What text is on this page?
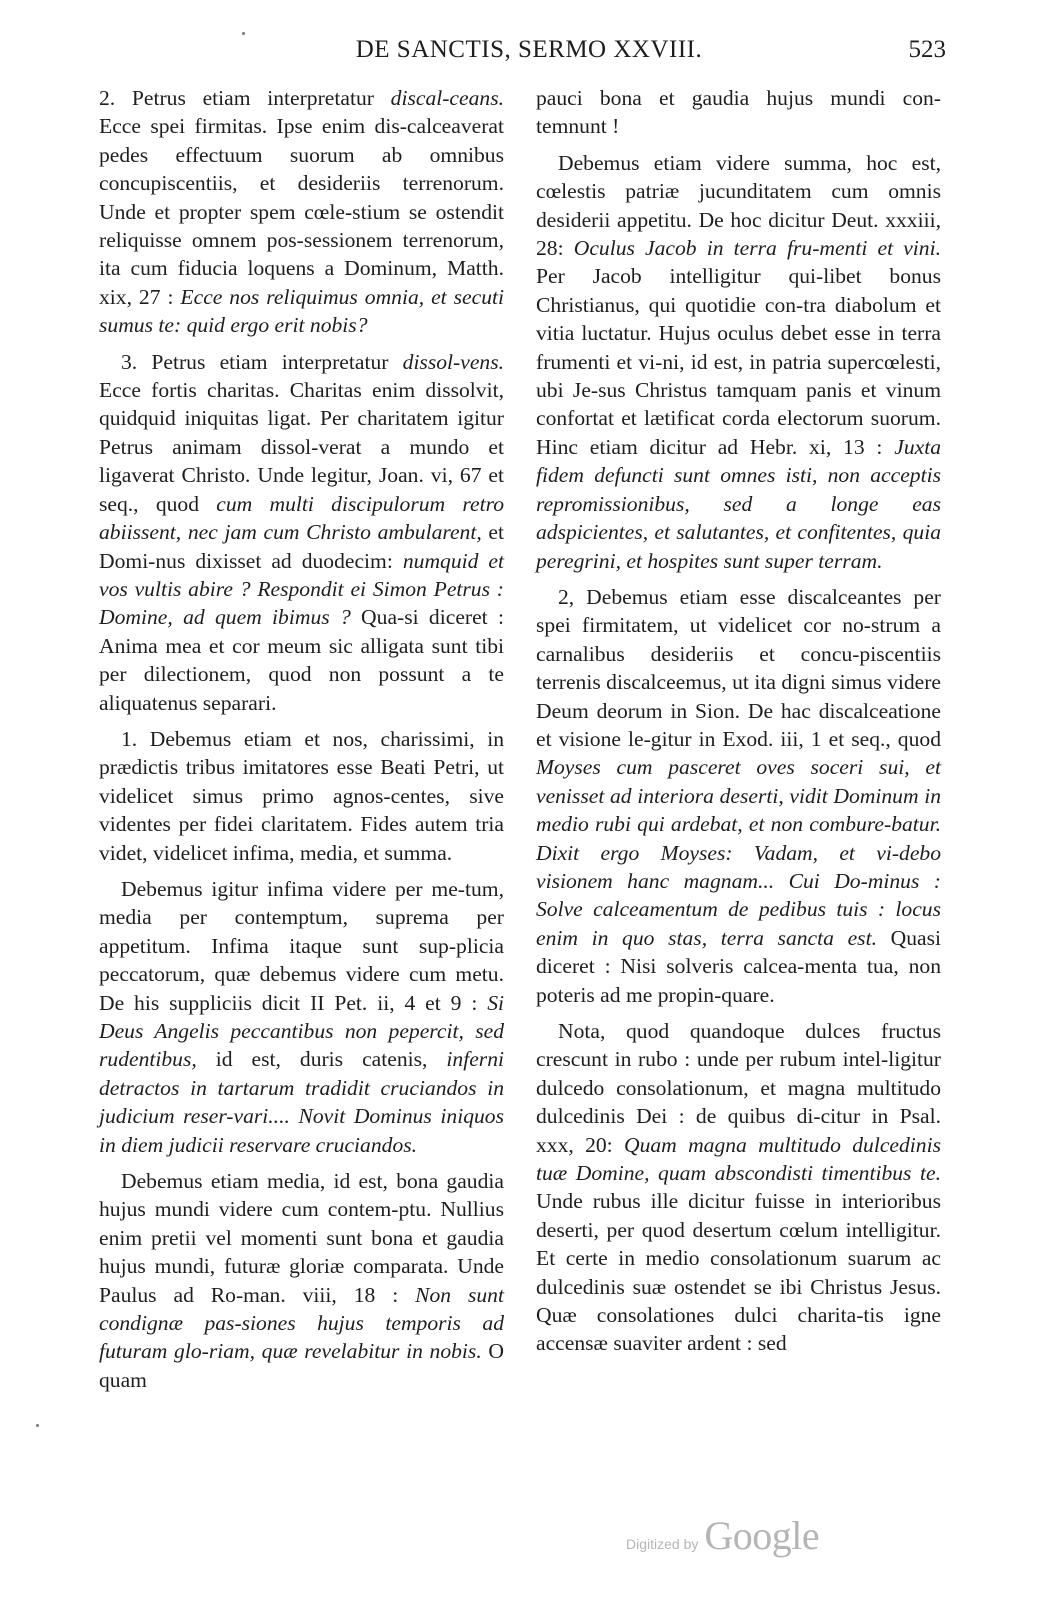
DE SANCTIS, SERMO XXVIII.	523

2. Petrus etiam interpretatur discal-ceans. Ecce spei firmitas. Ipse enim dis-calceaverat pedes effectuum suorum ab omnibus concupiscentiis, et desideriis terrenorum. Unde et propter spem cœle-stium se ostendit reliquisse omnem pos-sessionem terrenorum, ita cum fiducia loquens a Dominum, Matth. xix, 27 : Ecce nos reliquimus omnia, et secuti sumus te: quid ergo erit nobis?

3. Petrus etiam interpretatur dissol-vens. Ecce fortis charitas. Charitas enim dissolvit, quidquid iniquitas ligat. Per charitatem igitur Petrus animam dissol-verat a mundo et ligaverat Christo. Unde legitur, Joan. vi, 67 et seq., quod cum multi discipulorum retro abiissent, nec jam cum Christo ambularent, et Domi-nus dixisset ad duodecim: numquid et vos vultis abire ? Respondit ei Simon Petrus : Domine, ad quem ibimus ? Qua-si diceret : Anima mea et cor meum sic alligata sunt tibi per dilectionem, quod non possunt a te aliquatenus separari.

1. Debemus etiam et nos, charissimi, in prædictis tribus imitatores esse Beati Petri, ut videlicet simus primo agnos-centes, sive videntes per fidei claritatem. Fides autem tria videt, videlicet infima, media, et summa.

Debemus igitur infima videre per me-tum, media per contemptum, suprema per appetitum. Infima itaque sunt sup-plicia peccatorum, quæ debemus videre cum metu. De his suppliciis dicit II Pet. ii, 4 et 9 : Si Deus Angelis peccantibus non pepercit, sed rudentibus, id est, duris catenis, inferni detractos in tartarum tradidit cruciandos in judicium reser-vari.... Novit Dominus iniquos in diem judicii reservare cruciandos.

Debemus etiam media, id est, bona gaudia hujus mundi videre cum contem-ptu. Nullius enim pretii vel momenti sunt bona et gaudia hujus mundi, futuræ gloriæ comparata. Unde Paulus ad Ro-man. viii, 18 : Non sunt condignæ pas-siones hujus temporis ad futuram glo-riam, quæ revelabitur in nobis. O quam

pauci bona et gaudia hujus mundi con-temnunt !

Debemus etiam videre summa, hoc est, cœlestis patriæ jucunditatem cum omnis desiderii appetitu. De hoc dicitur Deut. xxxiii, 28: Oculus Jacob in terra fru-menti et vini. Per Jacob intelligitur qui-libet bonus Christianus, qui quotidie con-tra diabolum et vitia luctatur. Hujus oculus debet esse in terra frumenti et vi-ni, id est, in patria supercœlesti, ubi Je-sus Christus tamquam panis et vinum confortat et lætificat corda electorum suorum. Hinc etiam dicitur ad Hebr. xi, 13 : Juxta fidem defuncti sunt omnes isti, non acceptis repromissionibus, sed a longe eas adspicientes, et salutantes, et confitentes, quia peregrini, et hospites sunt super terram.

2, Debemus etiam esse discalceantes per spei firmitatem, ut videlicet cor no-strum a carnalibus desideriis et concu-piscentiis terrenis discalceemus, ut ita digni simus videre Deum deorum in Sion. De hac discalceatione et visione le-gitur in Exod. iii, 1 et seq., quod Moyses cum pasceret oves soceri sui, et venisset ad interiora deserti, vidit Dominum in medio rubi qui ardebat, et non combure-batur. Dixit ergo Moyses: Vadam, et vi-debo visionem hanc magnam... Cui Do-minus : Solve calceamentum de pedibus tuis : locus enim in quo stas, terra sancta est. Quasi diceret : Nisi solveris calcea-menta tua, non poteris ad me propin-quare.

Nota, quod quandoque dulces fructus crescunt in rubo : unde per rubum intel-ligitur dulcedo consolationum, et magna multitudo dulcedinis Dei : de quibus di-citur in Psal. xxx, 20: Quam magna multitudo dulcedinis tuæ Domine, quam abscondisti timentibus te. Unde rubus ille dicitur fuisse in interioribus deserti, per quod desertum cœlum intelligitur. Et certe in medio consolationum suarum ac dulcedinis suæ ostendet se ibi Christus Jesus. Quæ consolationes dulci charita-tis igne accensæ suaviter ardent : sed

Digitized by Google
